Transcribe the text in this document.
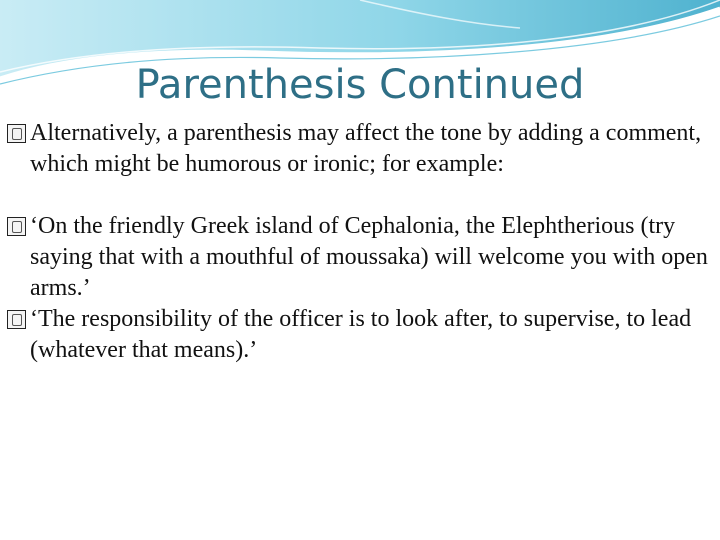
Parenthesis Continued

Alternatively, a parenthesis may affect the tone by adding a comment, which might be humorous or ironic; for example:

‘On the friendly Greek island of Cephalonia, the Elephtherious (try saying that with a mouthful of moussaka) will welcome you with open arms.’

‘The responsibility of the officer is to look after, to supervise, to lead (whatever that means).’
